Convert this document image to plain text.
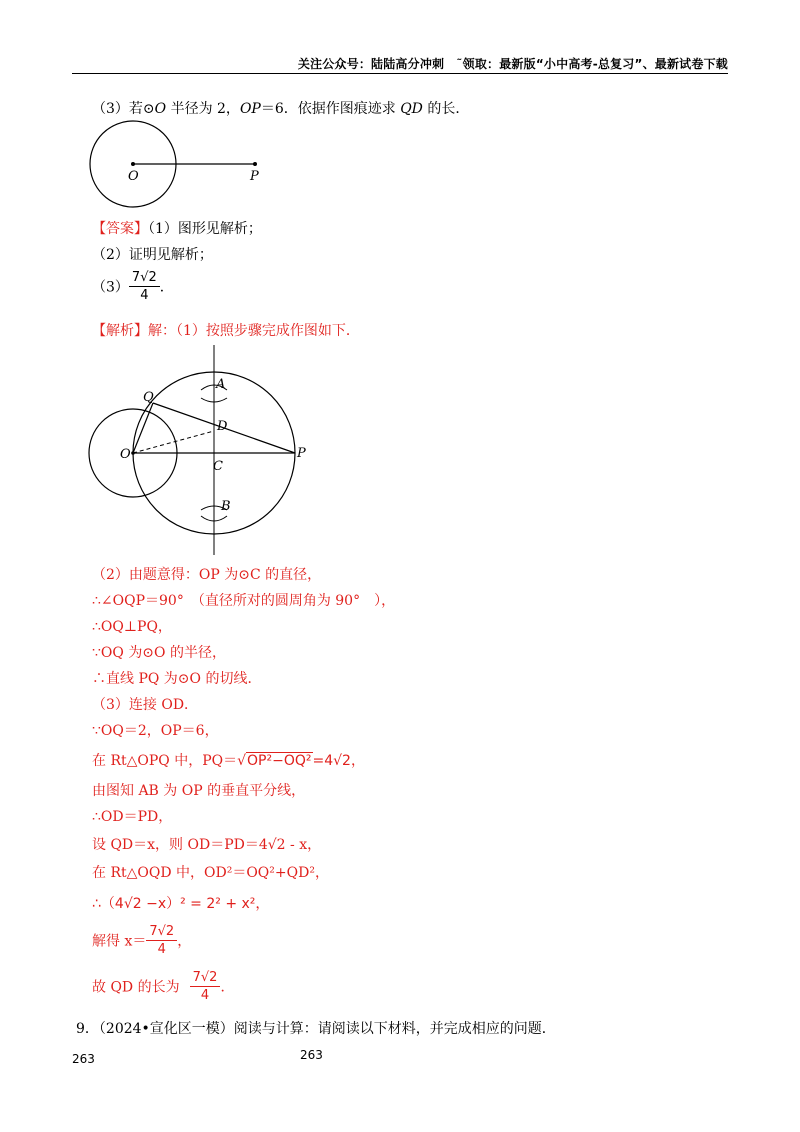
关注公众号：陆陆高分冲刺　˜领取：最新版“小中高考-总复习”、最新试卷下载
（3）若⊙O 半径为 2，OP＝6．依据作图痕迹求 QD 的长．
O	P
【答案】（1）图形见解析；
（2）证明见解析；
$(3) \frac{7√2}{4}$ ．
【解析】解：（1）按照步骤完成作图如下．
A
B
C
D
O	P
Q
（2）由题意得：OP 为⊙C 的直径，
∴∠OQP＝90°　（直径所对的圆周角为 90°　），
∴OQ⊥PQ，
∵OQ 为⊙O 的半径，
∴直线 PQ 为⊙O 的切线．
（3）连接 OD．
∵OQ＝2，OP＝6，
在 Rt△OPQ 中，PQ＝√OP²−OQ²=4√2，
由图知 AB 为 OP 的垂直平分线，
∴OD＝PD，
设 QD＝x，则 OD＝PD＝4√2 - x，
在 Rt△OQD 中，OD²＝OQ²+QD²，
∴（4√2 −x）² = 2² + x²，
解得 $x= \frac{7√2}{4}$ ，
故 QD 的长为 $\frac{7√2}{4}$ ．
9．（2024•宣化区一模）阅读与计算：请阅读以下材料，并完成相应的问题．
263	263
